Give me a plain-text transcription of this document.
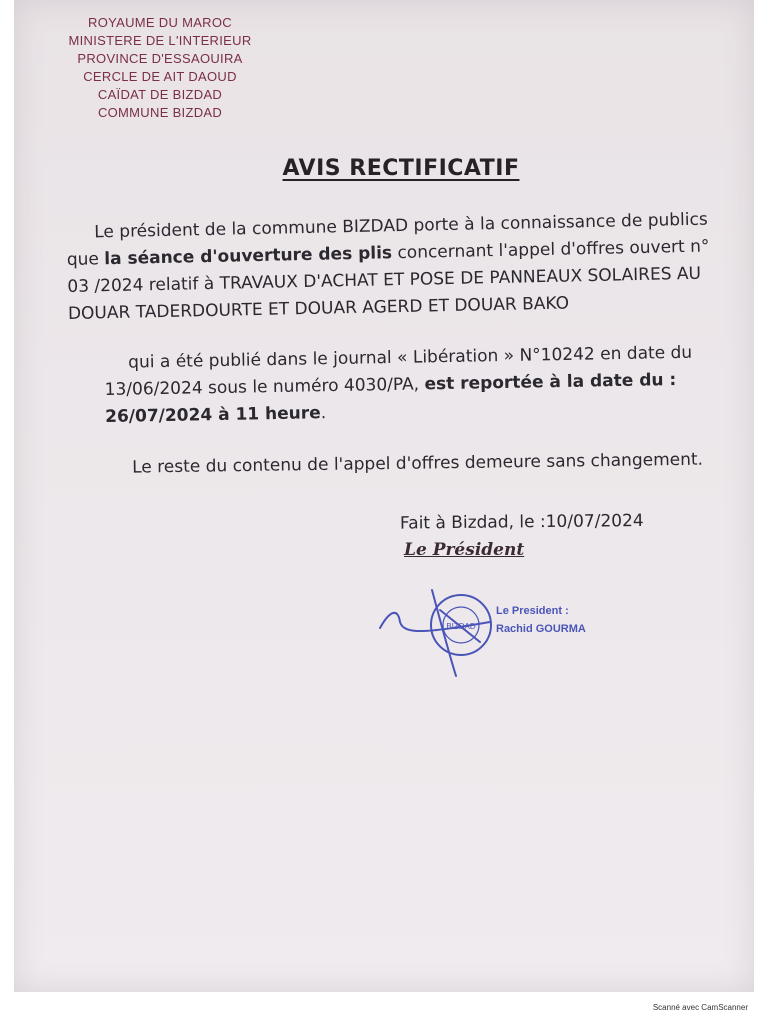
ROYAUME DU MAROC
MINISTERE DE L'INTERIEUR
PROVINCE D'ESSAOUIRA
CERCLE DE AIT DAOUD
CAÏDAT DE BIZDAD
COMMUNE BIZDAD
AVIS RECTIFICATIF
Le président de la commune BIZDAD porte à la connaissance de publics que la séance d'ouverture des plis concernant l'appel d'offres ouvert n° 03 /2024 relatif à TRAVAUX D'ACHAT ET POSE DE PANNEAUX SOLAIRES AU DOUAR TADERDOURTE ET DOUAR AGERD ET DOUAR BAKO
qui a été publié dans le journal « Libération » N°10242 en date du 13/06/2024 sous le numéro 4030/PA, est reportée à la date du : 26/07/2024 à 11 heure.
Le reste du contenu de l'appel d'offres demeure sans changement.
Fait à Bizdad, le :10/07/2024
Le Président
BIZDAD
Le President :
Rachid GOURMA
Scanné avec CamScanner
